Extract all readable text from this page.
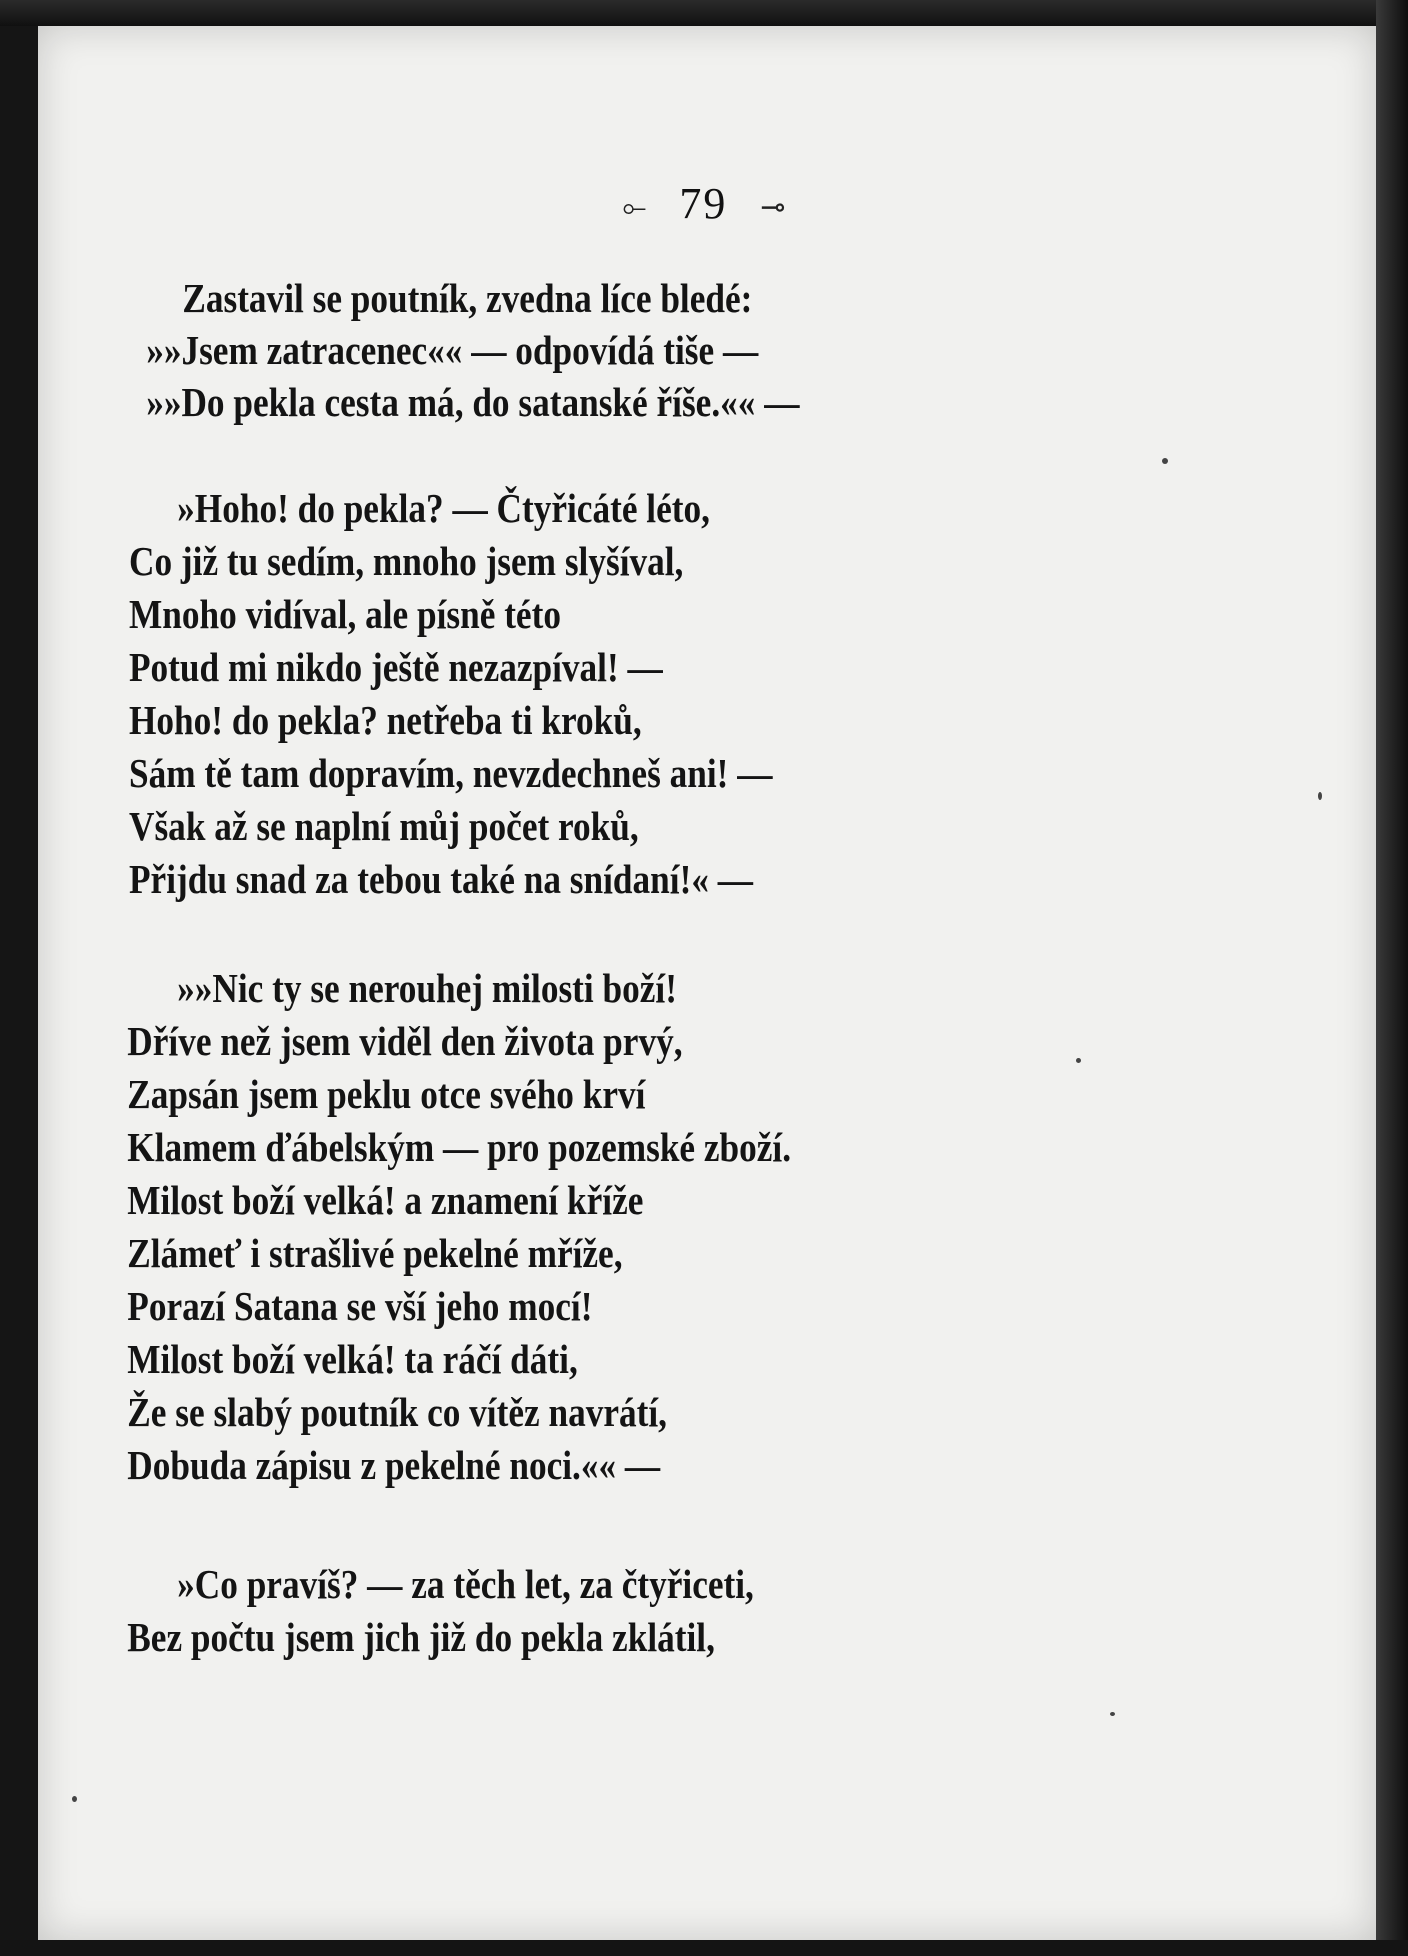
⟜ 79 ⊸
Zastavil se poutník, zvedna líce bledé:
»»Jsem zatracenec«« — odpovídá tiše —
»»Do pekla cesta má, do satanské říše.«« —
»Hoho! do pekla? — Čtyřicáté léto,
Co již tu sedím, mnoho jsem slyšíval,
Mnoho vidíval, ale písně této
Potud mi nikdo ještě nezazpíval! —
Hoho! do pekla? netřeba ti kroků,
Sám tě tam dopravím, nevzdechneš ani! —
Však až se naplní můj počet roků,
Přijdu snad za tebou také na snídaní!« —
»»Nic ty se nerouhej milosti boží!
Dříve než jsem viděl den života prvý,
Zapsán jsem peklu otce svého krví
Klamem ďábelským — pro pozemské zboží.
Milost boží velká! a znamení kříže
Zlámeť i strašlivé pekelné mříže,
Porazí Satana se vší jeho mocí!
Milost boží velká! ta ráčí dáti,
Že se slabý poutník co vítěz navrátí,
Dobuda zápisu z pekelné noci.«« —
»Co pravíš? — za těch let, za čtyřiceti,
Bez počtu jsem jich již do pekla zklátil,
